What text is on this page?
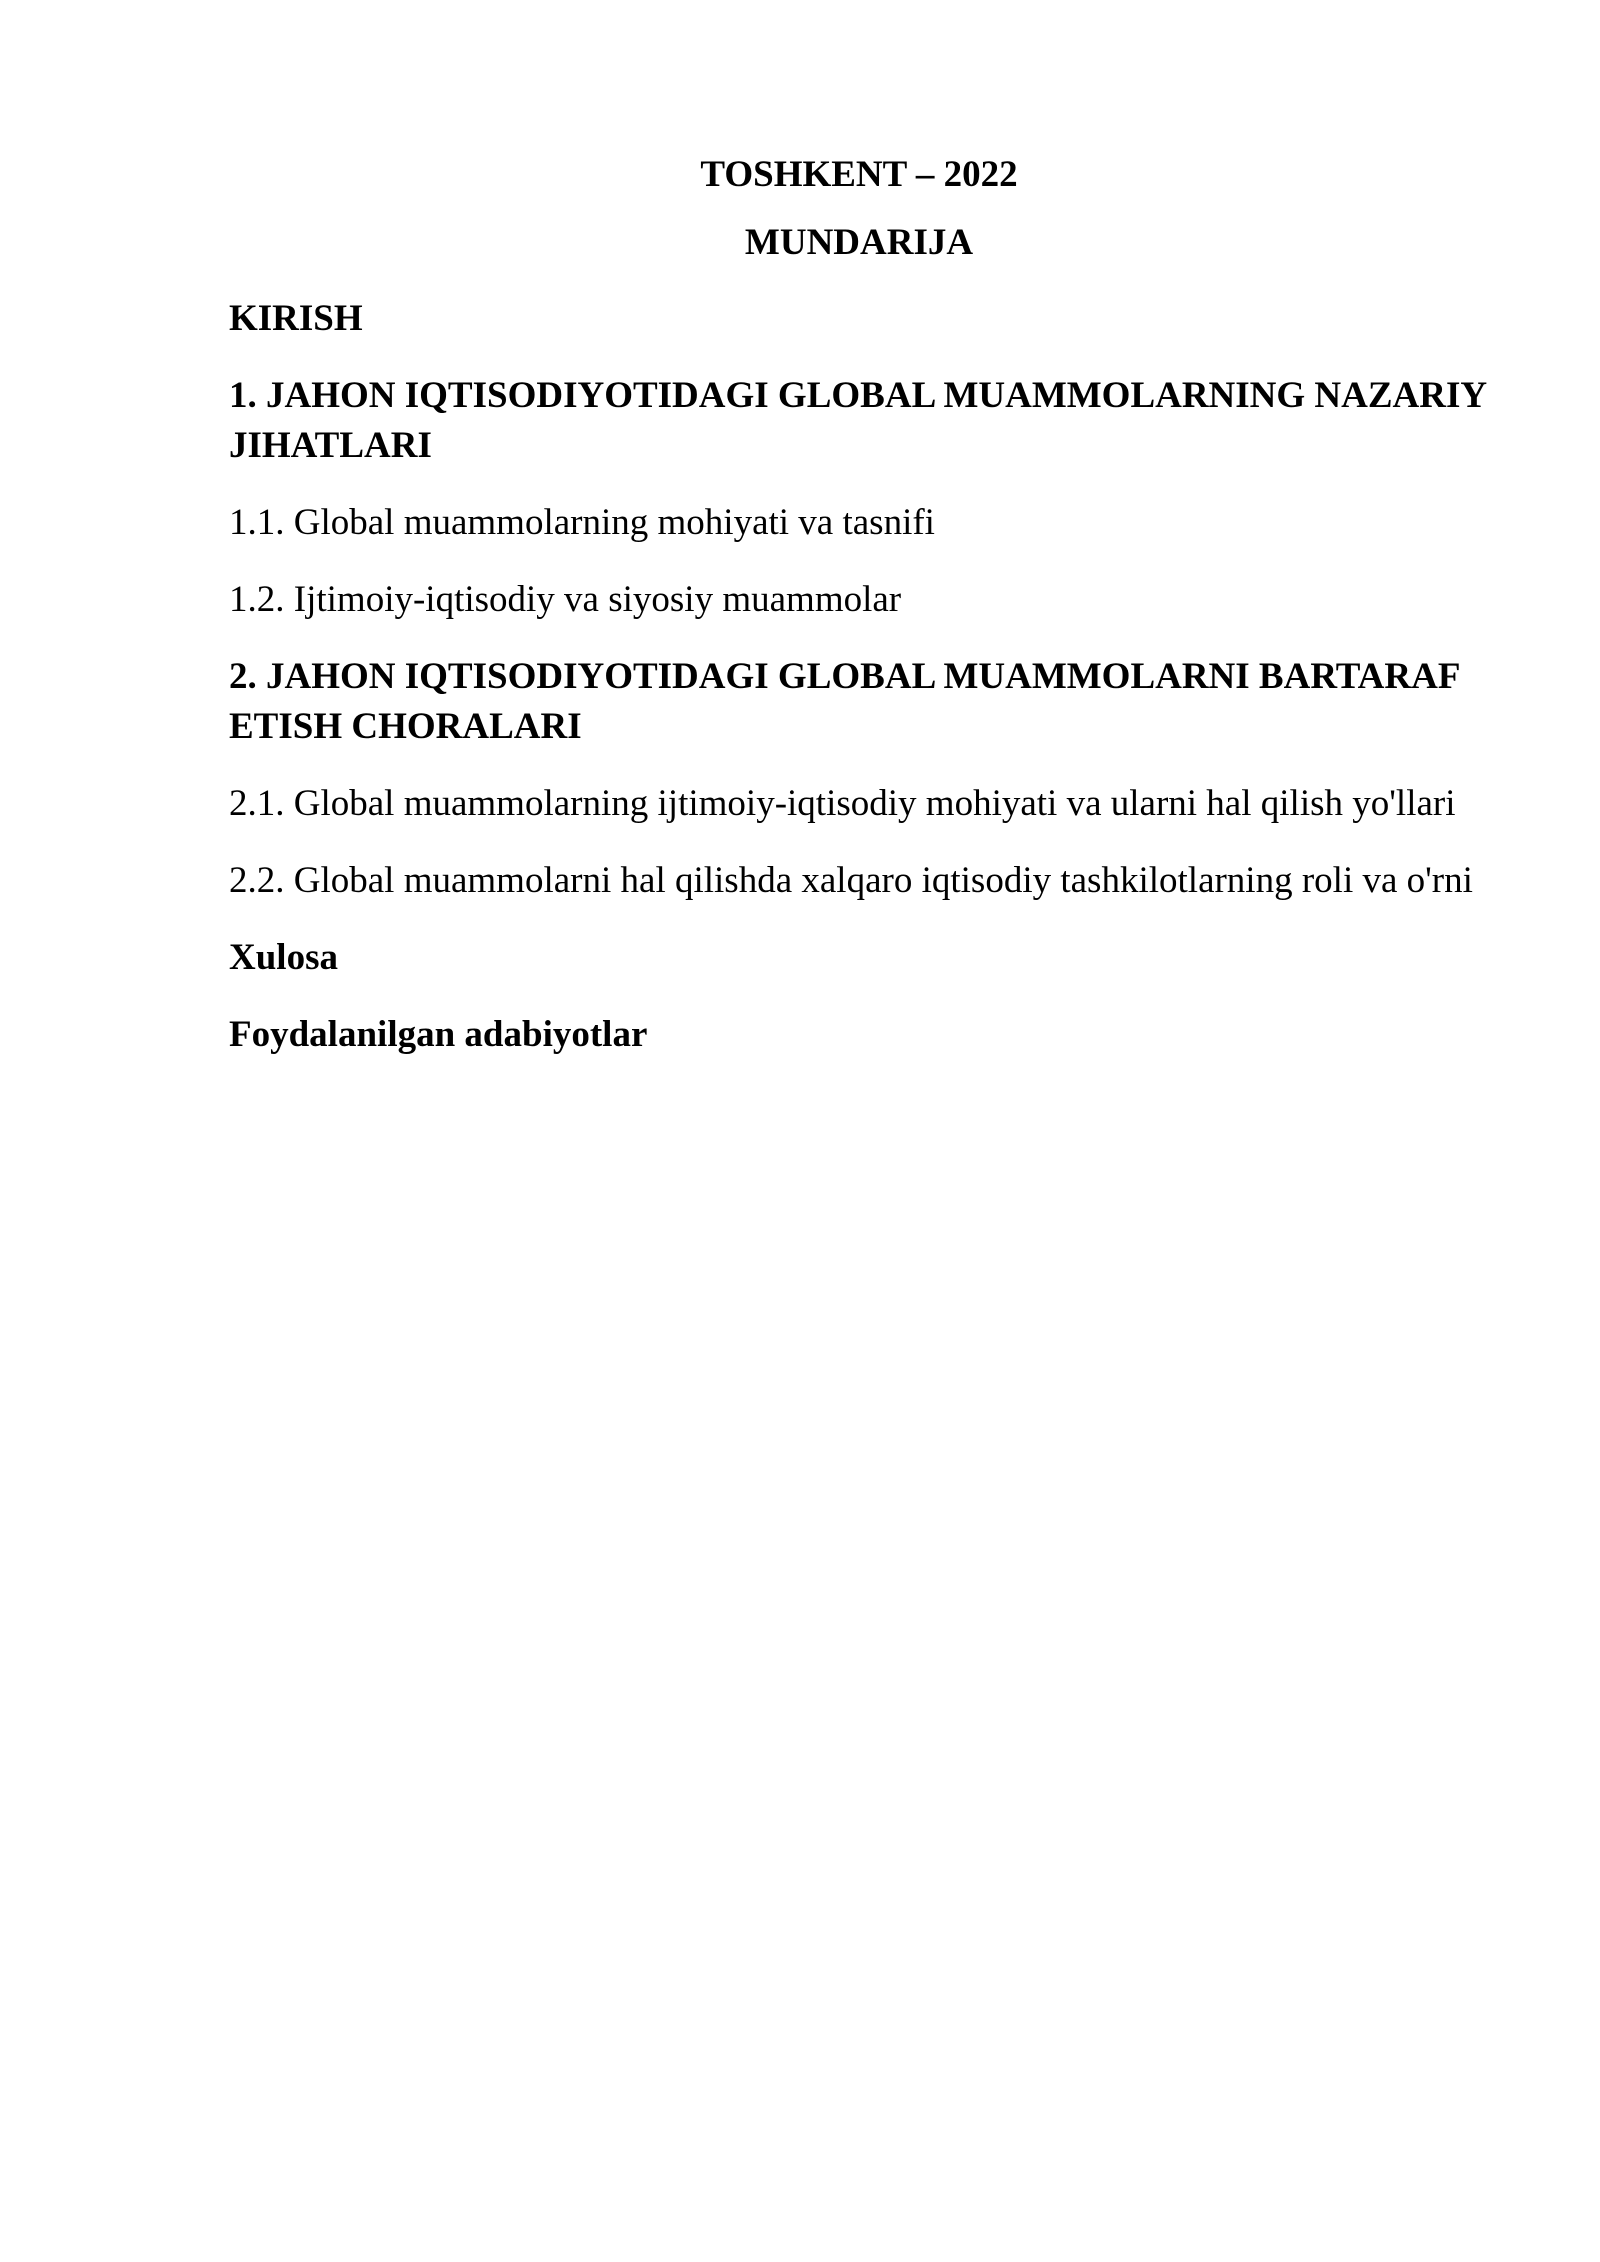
TOSHKENT – 2022
MUNDARIJA
KIRISH
1. JAHON IQTISODIYOTIDAGI GLOBAL MUAMMOLARNING NAZARIY JIHATLARI
1.1. Global muammolarning mohiyati va tasnifi
1.2. Ijtimoiy-iqtisodiy va siyosiy muammolar
2. JAHON IQTISODIYOTIDAGI GLOBAL MUAMMOLARNI BARTARAF ETISH CHORALARI
2.1. Global muammolarning ijtimoiy-iqtisodiy mohiyati va ularni hal qilish yo'llari
2.2. Global muammolarni hal qilishda xalqaro iqtisodiy tashkilotlarning roli va o'rni
Xulosa
Foydalanilgan adabiyotlar
